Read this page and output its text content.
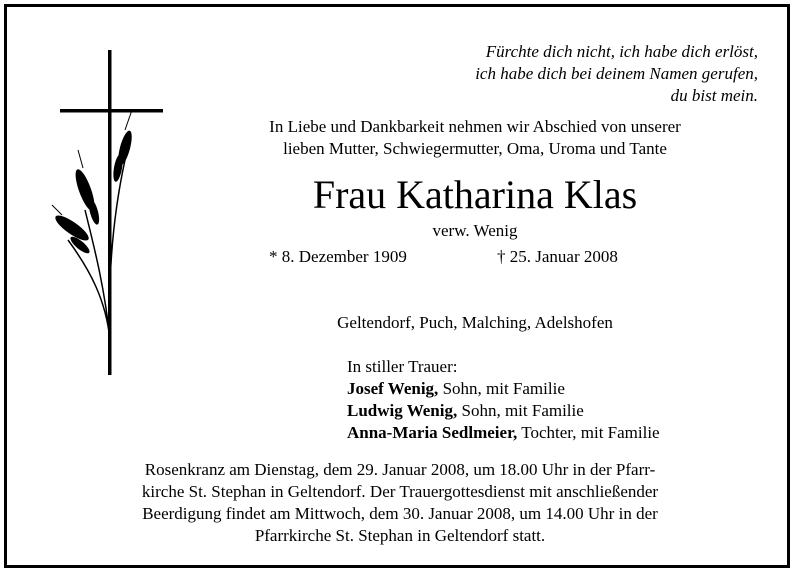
Fürchte dich nicht, ich habe dich erlöst,
ich habe dich bei deinem Namen gerufen,
du bist mein.
In Liebe und Dankbarkeit nehmen wir Abschied von unserer
lieben Mutter, Schwiegermutter, Oma, Uroma und Tante
Frau Katharina Klas
verw. Wenig
* 8. Dezember 1909	† 25. Januar 2008
Geltendorf, Puch, Malching, Adelshofen
In stiller Trauer:
Josef Wenig, Sohn, mit Familie
Ludwig Wenig, Sohn, mit Familie
Anna-Maria Sedlmeier, Tochter, mit Familie

Rosenkranz am Dienstag, dem 29. Januar 2008, um 18.00 Uhr in der Pfarr-

kirche St. Stephan in Geltendorf. Der Trauergottesdienst mit anschließender

Beerdigung findet am Mittwoch, dem 30. Januar 2008, um 14.00 Uhr in der

Pfarrkirche St. Stephan in Geltendorf statt.
